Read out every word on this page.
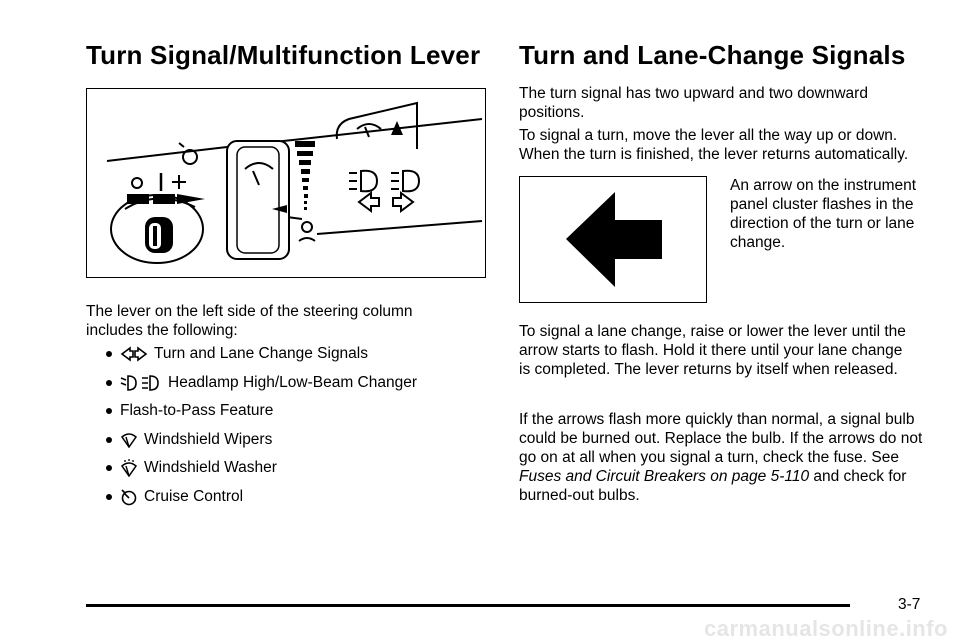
Turn Signal/Multifunction Lever

The lever on the left side of the steering column includes the following:

Turn and Lane Change Signals
Headlamp High/Low-Beam Changer
Flash-to-Pass Feature
Windshield Wipers
Windshield Washer
Cruise Control
Turn and Lane-Change Signals

The turn signal has two upward and two downward positions.

To signal a turn, move the lever all the way up or down. When the turn is finished, the lever returns automatically.

An arrow on the instrument panel cluster flashes in the direction of the turn or lane change.

To signal a lane change, raise or lower the lever until the arrow starts to flash. Hold it there until your lane change is completed. The lever returns by itself when released.

If the arrows flash more quickly than normal, a signal bulb could be burned out. Replace the bulb. If the arrows do not go on at all when you signal a turn, check the fuse. See Fuses and Circuit Breakers on page 5-110 and check for burned-out bulbs.

3-7
carmanualsonline.info
